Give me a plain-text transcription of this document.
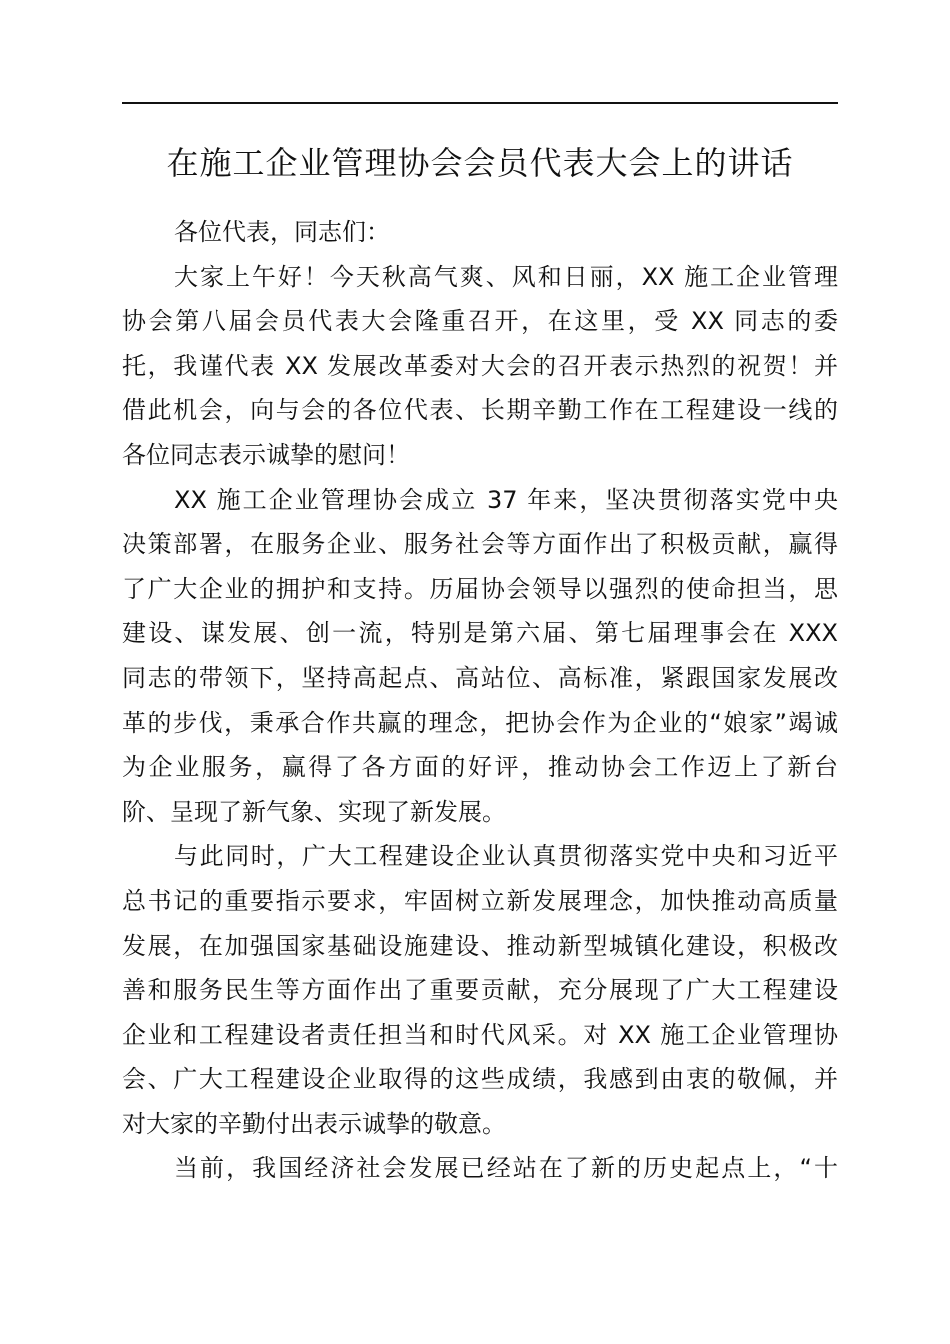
在施工企业管理协会会员代表大会上的讲话
各位代表，同志们：
大家上午好！今天秋高气爽、风和日丽，XX 施工企业管理
协会第八届会员代表大会隆重召开，在这里，受 XX 同志的委
托，我谨代表 XX 发展改革委对大会的召开表示热烈的祝贺！并
借此机会，向与会的各位代表、长期辛勤工作在工程建设一线的
各位同志表示诚挚的慰问！
XX 施工企业管理协会成立 37 年来，坚决贯彻落实党中央
决策部署，在服务企业、服务社会等方面作出了积极贡献，赢得
了广大企业的拥护和支持。历届协会领导以强烈的使命担当，思
建设、谋发展、创一流，特别是第六届、第七届理事会在 XXX
同志的带领下，坚持高起点、高站位、高标准，紧跟国家发展改
革的步伐，秉承合作共赢的理念，把协会作为企业的“娘家”竭诚
为企业服务，赢得了各方面的好评，推动协会工作迈上了新台
阶、呈现了新气象、实现了新发展。
与此同时，广大工程建设企业认真贯彻落实党中央和习近平
总书记的重要指示要求，牢固树立新发展理念，加快推动高质量
发展，在加强国家基础设施建设、推动新型城镇化建设，积极改
善和服务民生等方面作出了重要贡献，充分展现了广大工程建设
企业和工程建设者责任担当和时代风采。对 XX 施工企业管理协
会、广大工程建设企业取得的这些成绩，我感到由衷的敬佩，并
对大家的辛勤付出表示诚挚的敬意。
当前，我国经济社会发展已经站在了新的历史起点上，“十
